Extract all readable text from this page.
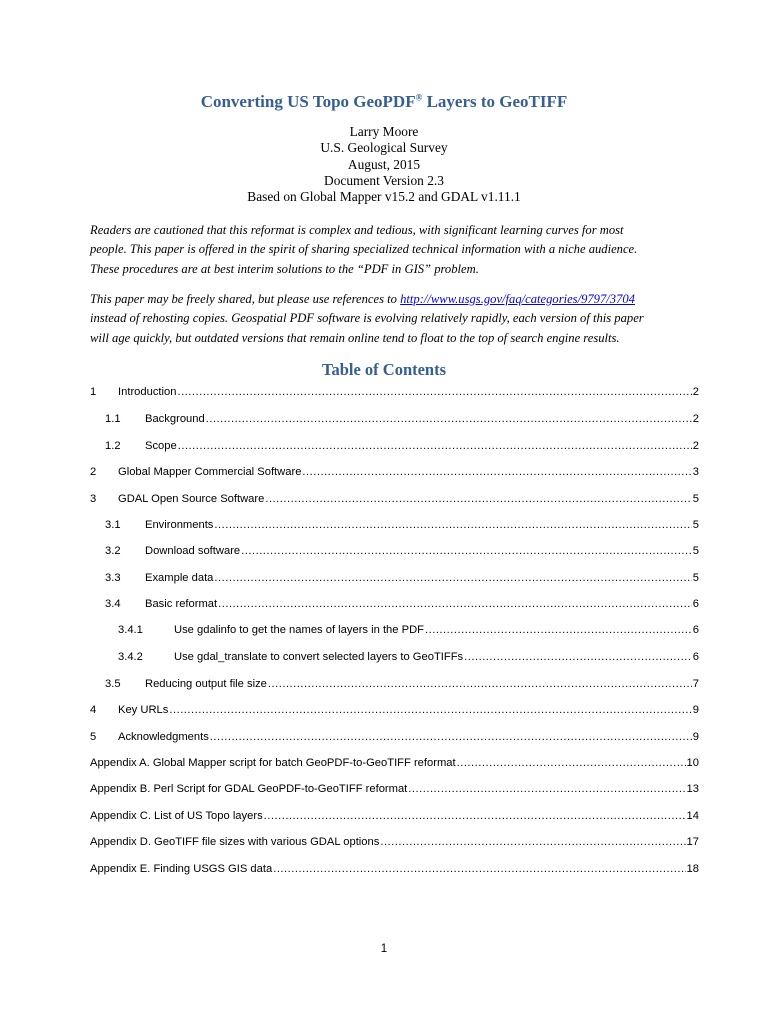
Converting US Topo GeoPDF® Layers to GeoTIFF
Larry Moore
U.S. Geological Survey
August, 2015
Document Version 2.3
Based on Global Mapper v15.2 and GDAL v1.11.1
Readers are cautioned that this reformat is complex and tedious, with significant learning curves for most
people. This paper is offered in the spirit of sharing specialized technical information with a niche audience.
These procedures are at best interim solutions to the “PDF in GIS” problem.
This paper may be freely shared, but please use references to http://www.usgs.gov/faq/categories/9797/3704
instead of rehosting copies. Geospatial PDF software is evolving relatively rapidly, each version of this paper
will age quickly, but outdated versions that remain online tend to float to the top of search engine results.
Table of Contents
1	Introduction .....	2
1.1	Background .....	2
1.2	Scope .....	2
2	Global Mapper Commercial Software .....	3
3	GDAL Open Source Software .....	5
3.1	Environments .....	5
3.2	Download software .....	5
3.3	Example data .....	5
3.4	Basic reformat .....	6
3.4.1	Use gdalinfo to get the names of layers in the PDF .....	6
3.4.2	Use gdal_translate to convert selected layers to GeoTIFFs .....	6
3.5	Reducing output file size .....	7
4	Key URLs .....	9
5	Acknowledgments .....	9
Appendix A. Global Mapper script for batch GeoPDF-to-GeoTIFF reformat .....	10
Appendix B. Perl Script for GDAL GeoPDF-to-GeoTIFF reformat .....	13
Appendix C. List of US Topo layers .....	14
Appendix D. GeoTIFF file sizes with various GDAL options .....	17
Appendix E. Finding USGS GIS data .....	18
1
